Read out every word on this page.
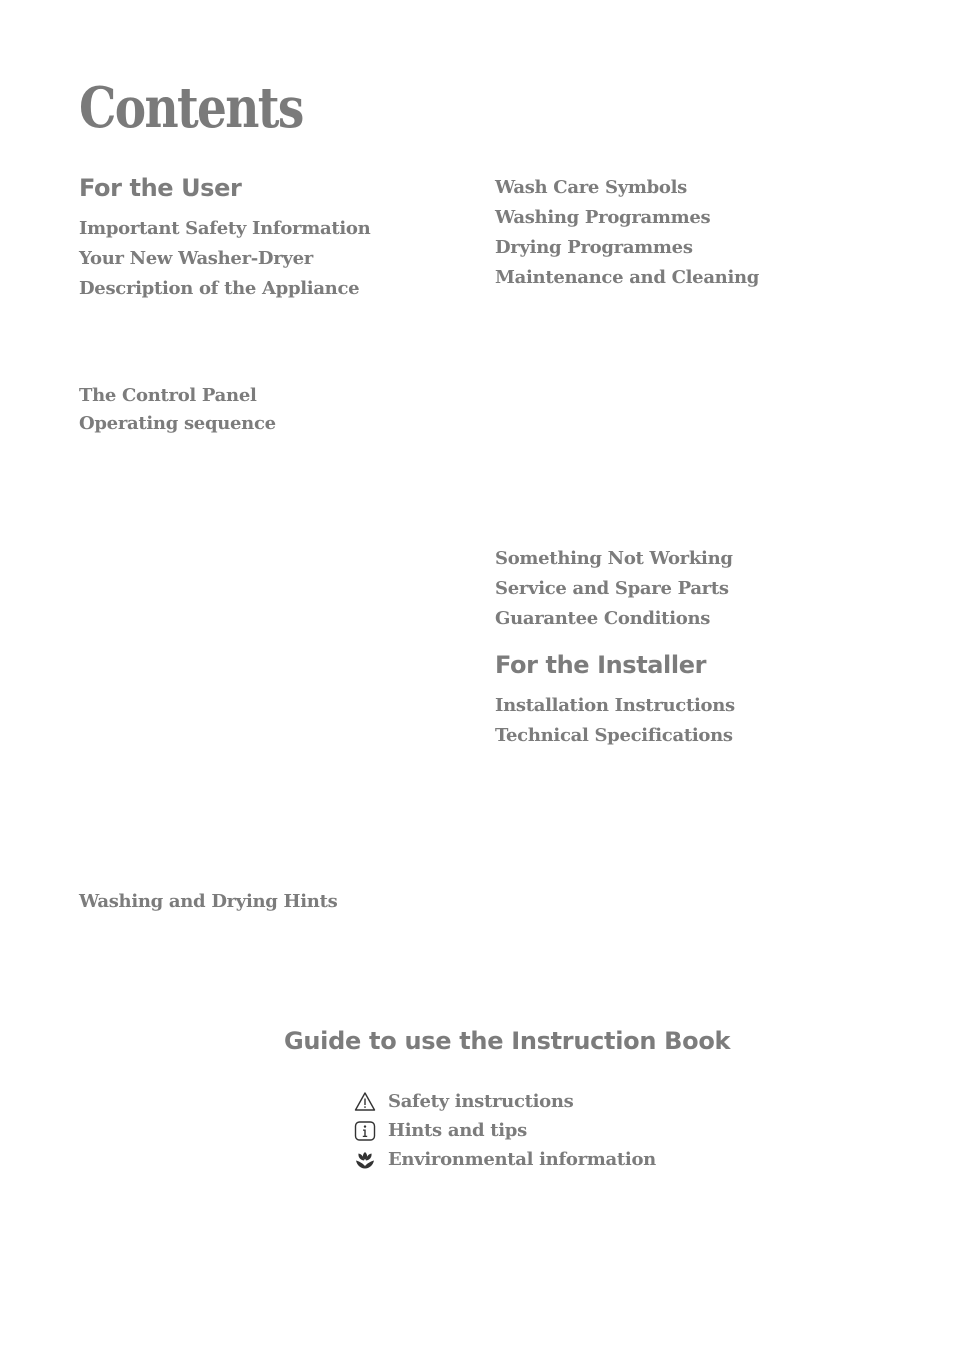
Contents
For the User
Important Safety Information
Your New Washer-Dryer
Description of the Appliance
The Control Panel
Operating sequence
Washing and Drying Hints
Wash Care Symbols
Washing Programmes
Drying Programmes
Maintenance and Cleaning
Something Not Working
Service and Spare Parts
Guarantee Conditions
For the Installer
Installation Instructions
Technical Specifications
Guide to use the Instruction Book
Safety instructions
Hints and tips
Environmental information
